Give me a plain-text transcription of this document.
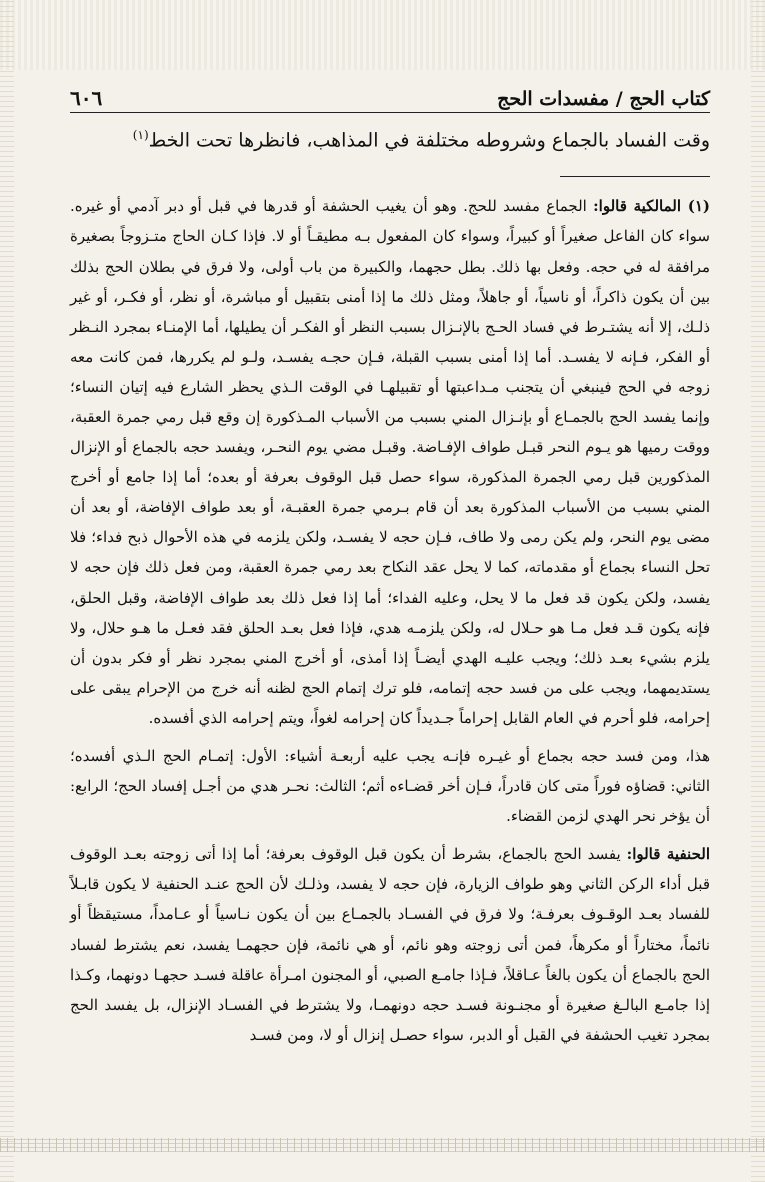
كتاب الحج / مفسدات الحج
٦٠٦
وقت الفساد بالجماع وشروطه مختلفة في المذاهب، فانظرها تحت الخط$^{(١)}$

(١) المالكية قالوا: الجماع مفسد للحج. وهو أن يغيب الحشفة أو قدرها في قبل أو دبر آدمي أو غيره. سواء كان الفاعل صغيراً أو كبيراً، وسواء كان المفعول بـه مطيقـاً أو لا. فإذا كـان الحاج متـزوجاً بصغيرة مرافقة له في حجه. وفعل بها ذلك. بطل حجهما، والكبيرة من باب أولى، ولا فرق في بطلان الحج بذلك بين أن يكون ذاكراً، أو ناسياً، أو جاهلاً، ومثل ذلك ما إذا أمنى بتقبيل أو مباشرة، أو نظر، أو فكـر، أو غير ذلـك، إلا أنه يشتـرط في فساد الحـج بالإنـزال بسبب النظر أو الفكـر أن يطيلها، أما الإمنـاء بمجرد النـظر أو الفكر، فـإنه لا يفسـد. أما إذا أمنى بسبب القبلة، فـإن حجـه يفسـد، ولـو لم يكررها، فمن كانت معه زوجه في الحج فينبغي أن يتجنب مـداعبتها أو تقبيلهـا في الوقت الـذي يحظر الشارع فيه إتيان النساء؛ وإنما يفسد الحج بالجمـاع أو بإنـزال المني بسبب من الأسباب المـذكورة إن وقع قبل رمي جمرة العقبة، ووقت رميها هو يـوم النحر قبـل طواف الإفـاضة. وقبـل مضي يوم النحـر، ويفسد حجه بالجماع أو الإنزال المذكورين قبل رمي الجمرة المذكورة، سواء حصل قبل الوقوف بعرفة أو بعده؛ أما إذا جامع أو أخرج المني بسبب من الأسباب المذكورة بعد أن قام بـرمي جمرة العقبـة، أو بعد طواف الإفاضة، أو بعد أن مضى يوم النحر، ولم يكن رمى ولا طاف، فـإن حجه لا يفسـد، ولكن يلزمه في هذه الأحوال ذبح فداء؛ فلا تحل النساء بجماع أو مقدماته، كما لا يحل عقد النكاح بعد رمي جمرة العقبة، ومن فعل ذلك فإن حجه لا يفسد، ولكن يكون قد فعل ما لا يحل، وعليه الفداء؛ أما إذا فعل ذلك بعد طواف الإفاضة، وقبل الحلق، فإنه يكون قـد فعل مـا هو حـلال له، ولكن يلزمـه هدي، فإذا فعل بعـد الحلق فقد فعـل ما هـو حلال، ولا يلزم بشيء بعـد ذلك؛ ويجب عليـه الهدي أيضـاً إذا أمذى، أو أخرج المني بمجرد نظر أو فكر بدون أن يستديمهما، ويجب على من فسد حجه إتمامه، فلو ترك إتمام الحج لظنه أنه خرج من الإحرام يبقى على إحرامه، فلو أحرم في العام القابل إحراماً جـديداً كان إحرامه لغواً، ويتم إحرامه الذي أفسده.

هذا، ومن فسد حجه بجماع أو غيـره فإنـه يجب عليه أربعـة أشياء: الأول: إتمـام الحج الـذي أفسده؛ الثاني: قضاؤه فوراً متى كان قادراً، فـإن أخر قضـاءه أثم؛ الثالث: نحـر هدي من أجـل إفساد الحج؛ الرابع: أن يؤخر نحر الهدي لزمن القضاء.

الحنفية قالوا: يفسد الحج بالجماع، بشرط أن يكون قبل الوقوف بعرفة؛ أما إذا أتى زوجته بعـد الوقوف قبل أداء الركن الثاني وهو طواف الزيارة، فإن حجه لا يفسد، وذلـك لأن الحج عنـد الحنفية لا يكون قابـلاً للفساد بعـد الوقـوف بعرفـة؛ ولا فرق في الفسـاد بالجمـاع بين أن يكون نـاسياً أو عـامداً، مستيقظاً أو نائماً، مختاراً أو مكرهاً، فمن أتى زوجته وهو نائم، أو هي نائمة، فإن حجهمـا يفسد، نعم يشترط لفساد الحج بالجماع أن يكون بالغاً عـاقلاً، فـإذا جامـع الصبي، أو المجنون امـرأة عاقلة فسـد حجهـا دونهما، وكـذا إذا جامـع البالـغ صغيرة أو مجنـونة فسـد حجه دونهمـا، ولا يشترط في الفسـاد الإنزال، بل يفسد الحج بمجرد تغيب الحشفة في القبل أو الدبر، سواء حصـل إنزال أو لا، ومن فسـد
